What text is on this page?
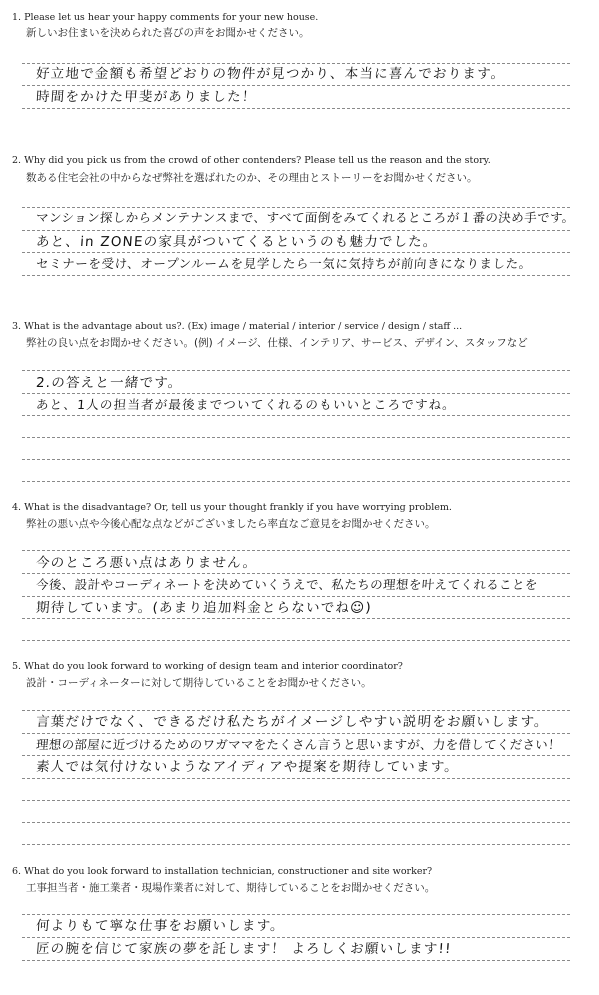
1. Please let us hear your happy comments for your new house.
新しいお住まいを決められた喜びの声をお聞かせください。
好立地で金額も希望どおりの物件が見つかり、本当に喜んでおります。
時間をかけた甲斐がありました！
2. Why did you pick us from the crowd of other contenders? Please tell us the reason and the story.
数ある住宅会社の中からなぜ弊社を選ばれたのか、その理由とストーリーをお聞かせください。
マンション探しからメンテナンスまで、すべて面倒をみてくれるところが１番の決め手です。
あと、in ZONEの家具がついてくるというのも魅力でした。
セミナーを受け、オープンルームを見学したら一気に気持ちが前向きになりました。
3. What is the advantage about us?. (Ex) image / material / interior / service / design / staff ...
弊社の良い点をお聞かせください。(例) イメージ、仕様、インテリア、サービス、デザイン、スタッフなど
2.の答えと一緒です。
あと、1人の担当者が最後までついてくれるのもいいところですね。
4. What is the disadvantage? Or, tell us your thought frankly if you have worrying problem.
弊社の悪い点や今後心配な点などがございましたら率直なご意見をお聞かせください。
今のところ悪い点はありません。
今後、設計やコーディネートを決めていくうえで、私たちの理想を叶えてくれることを
期待しています。(あまり追加料金とらないでね☺)
5. What do you look forward to working of design team and interior coordinator?
設計・コーディネーターに対して期待していることをお聞かせください。
言葉だけでなく、できるだけ私たちがイメージしやすい説明をお願いします。
理想の部屋に近づけるためのワガママをたくさん言うと思いますが、力を借してください！
素人では気付けないようなアイディアや提案を期待しています。
6. What do you look forward to installation technician, constructioner and site worker?
工事担当者・施工業者・現場作業者に対して、期待していることをお聞かせください。
何よりもて寧な仕事をお願いします。
匠の腕を信じて家族の夢を託します！ よろしくお願いします!!
